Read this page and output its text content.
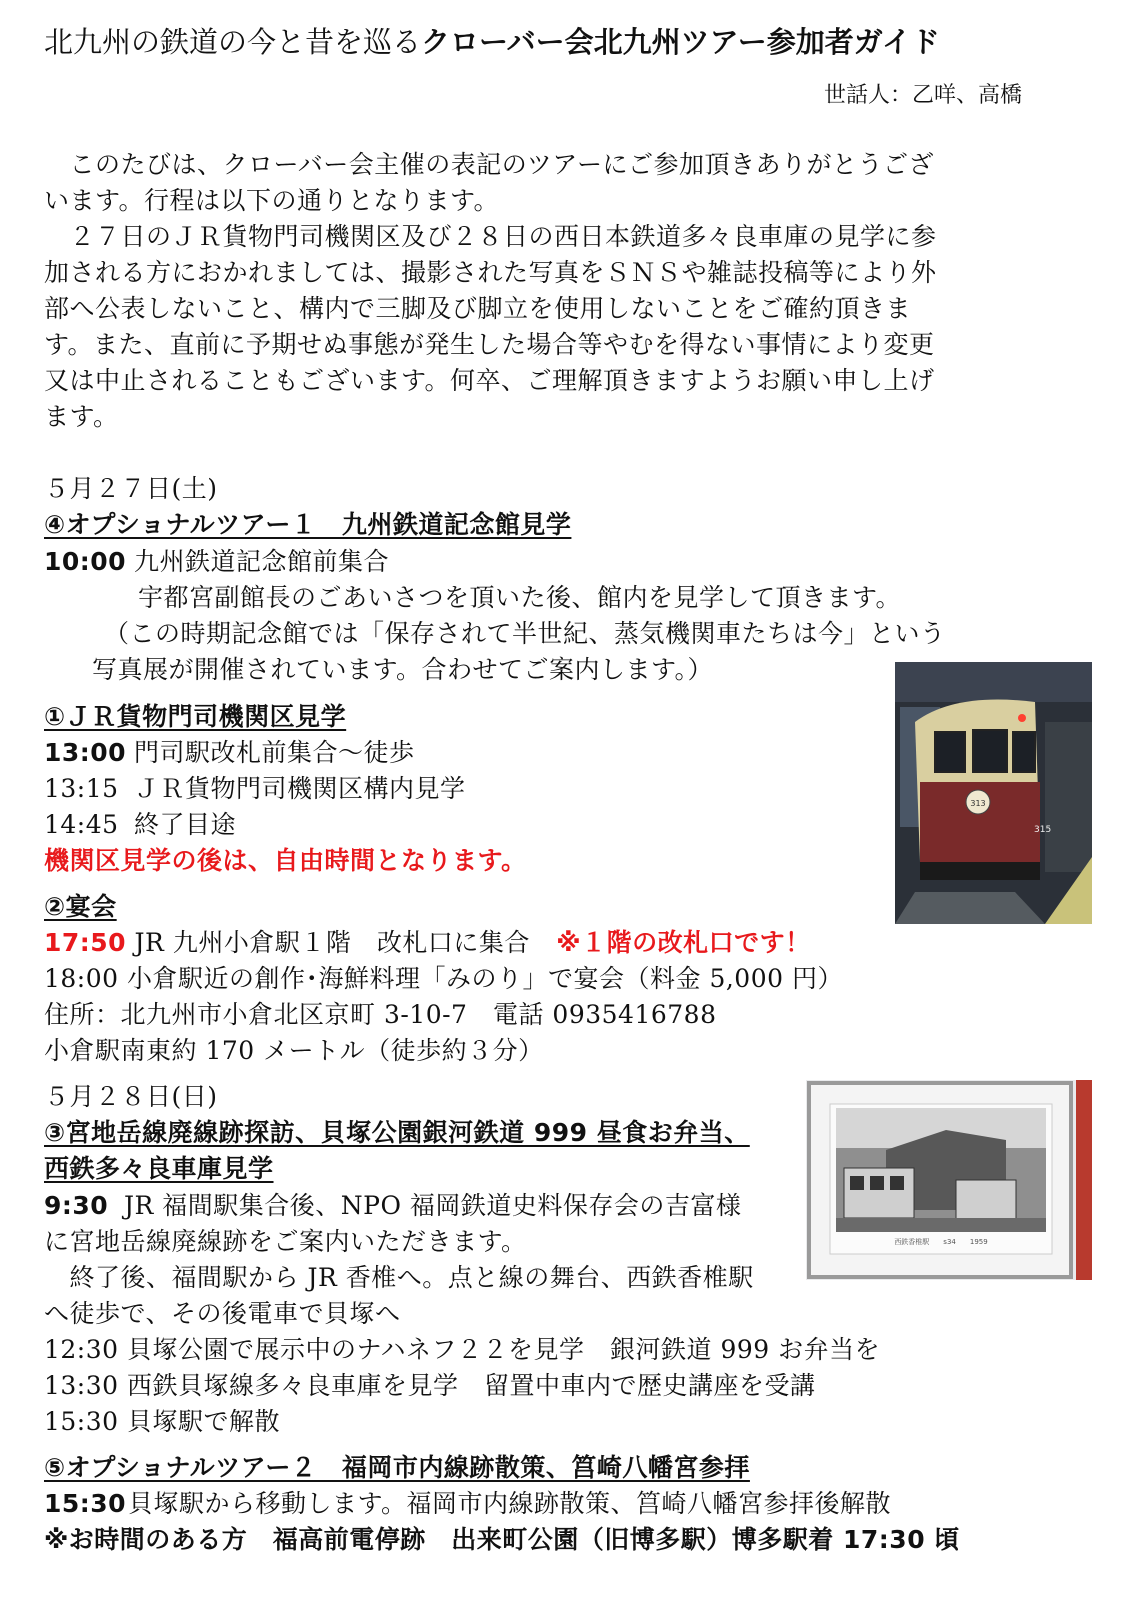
北九州の鉄道の今と昔を巡るクローバー会北九州ツアー参加者ガイド
世話人：乙咩、高橋
　このたびは、クローバー会主催の表記のツアーにご参加頂きありがとうござ
います。行程は以下の通りとなります。
　２７日のＪＲ貨物門司機関区及び２８日の西日本鉄道多々良車庫の見学に参
加される方におかれましては、撮影された写真をＳＮＳや雑誌投稿等により外
部へ公表しないこと、構内で三脚及び脚立を使用しないことをご確約頂きま
す。また、直前に予期せぬ事態が発生した場合等やむを得ない事情により変更
又は中止されることもございます。何卒、ご理解頂きますようお願い申し上げ
ます。
５月２７日(土)
④オプショナルツアー１　九州鉄道記念館見学
10:00 九州鉄道記念館前集合
宇都宮副館長のごあいさつを頂いた後、館内を見学して頂きます。
（この時期記念館では「保存されて半世紀、蒸気機関車たちは今」という
写真展が開催されています。合わせてご案内します。）
①ＪＲ貨物門司機関区見学
13:00 門司駅改札前集合～徒歩
13:15 ＪＲ貨物門司機関区構内見学
14:45 終了目途
機関区見学の後は、自由時間となります。
②宴会
17:50 JR 九州小倉駅１階　改札口に集合 ※１階の改札口です！
18:00 小倉駅近の創作･海鮮料理「みのり」で宴会（料金 5,000 円）
住所：北九州市小倉北区京町 3-10-7　電話 0935416788
小倉駅南東約 170 メートル（徒歩約３分）
５月２８日(日)
③宮地岳線廃線跡探訪、貝塚公園銀河鉄道 999 昼食お弁当、
西鉄多々良車庫見学
9:30 JR 福間駅集合後、NPO 福岡鉄道史料保存会の吉富様
に宮地岳線廃線跡をご案内いただきます。
　終了後、福間駅から JR 香椎へ。点と線の舞台、西鉄香椎駅
へ徒歩で、その後電車で貝塚へ
12:30 貝塚公園で展示中のナハネフ２２を見学　銀河鉄道 999 お弁当を
13:30 西鉄貝塚線多々良車庫を見学　留置中車内で歴史講座を受講
15:30 貝塚駅で解散
⑤オプショナルツアー２　福岡市内線跡散策、筥崎八幡宮参拝
15:30貝塚駅から移動します。福岡市内線跡散策、筥崎八幡宮参拝後解散
※お時間のある方　福高前電停跡　出来町公園（旧博多駅）博多駅着 17:30 頃
313
315
西鉄香椎駅　　s34　　1959
